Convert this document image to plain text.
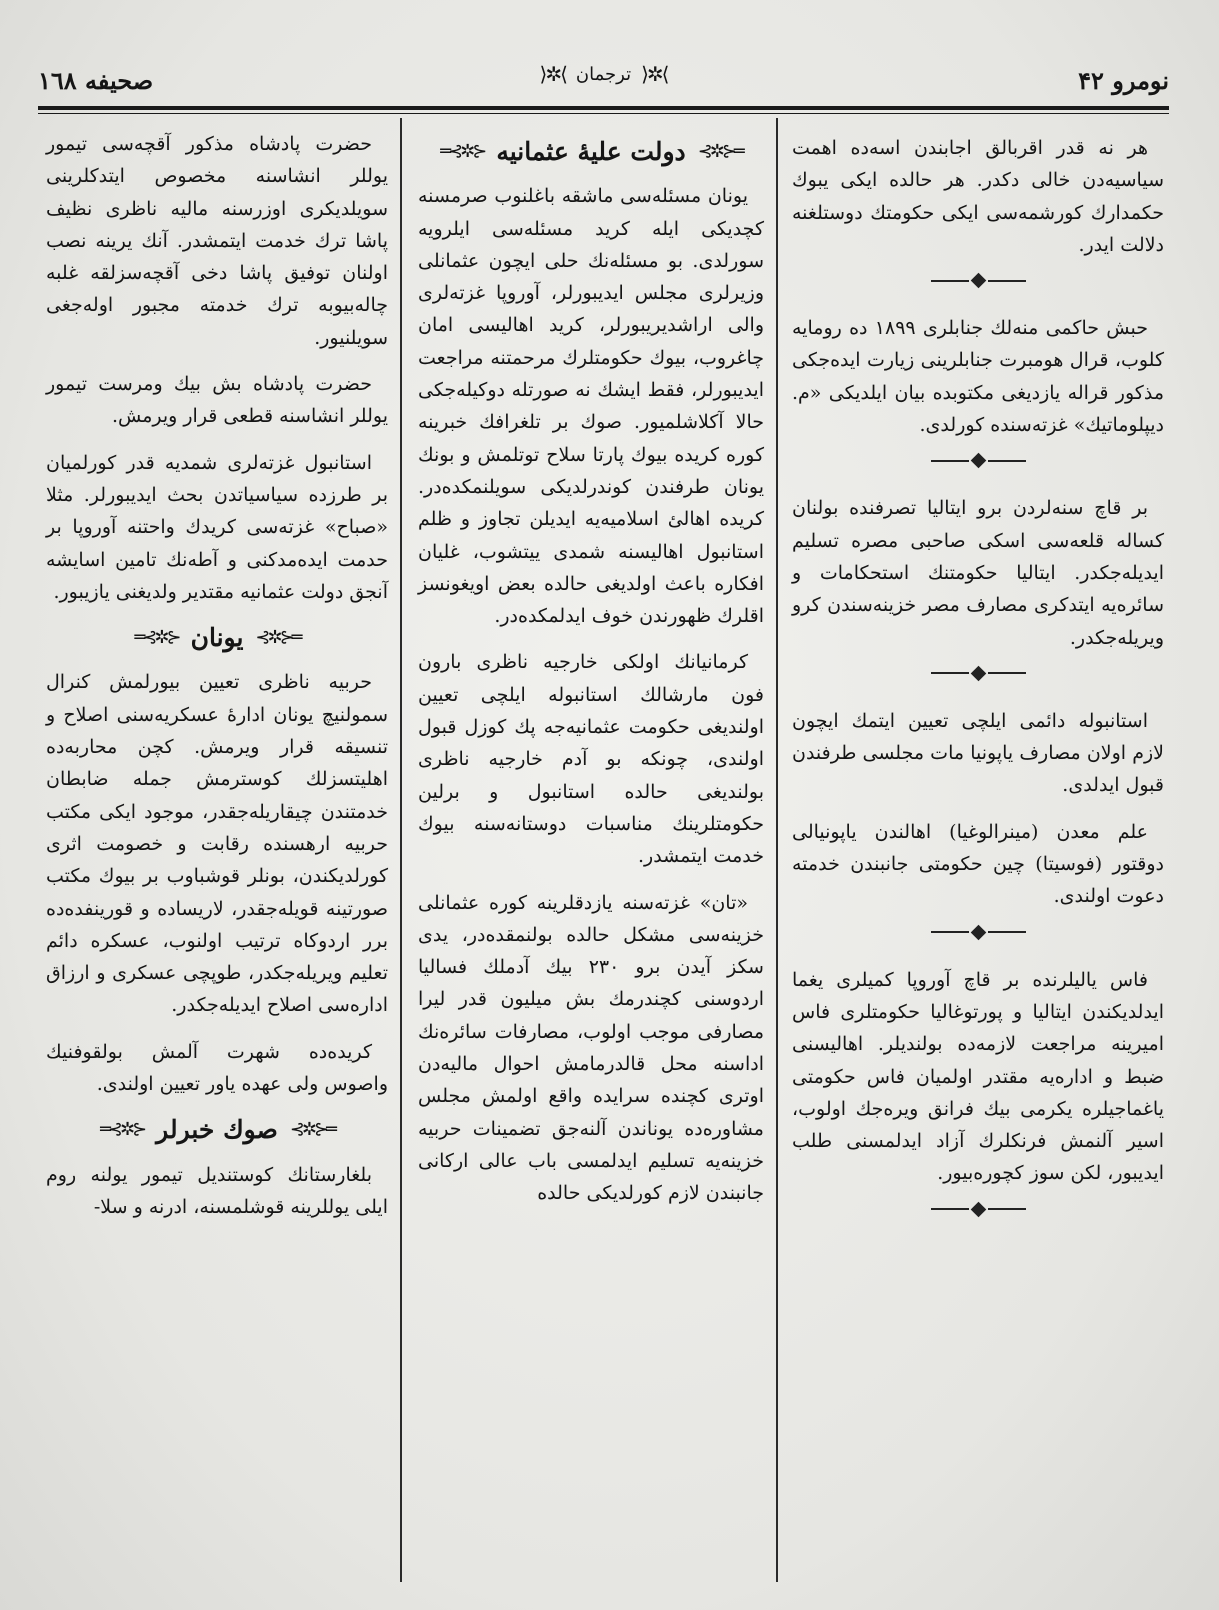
نومرو ۴۲
⟩✲⟨
ترجمان
⟩✲⟨
صحيفه ۱٦۸

هر نه قدر اقربالق اجابندن اسه‌ده اهمت سياسيه‌دن خالى دكدر. هر حالده ايكى يبوك حكمدارك كورشمه‌سى ايكى حكومتك دوستلغنه دلالت ايدر.

حبش حاكمى منه‌لك جنابلرى ۱۸۹۹ ده رومايه كلوب، قرال هومبرت جنابلرينى زيارت ايده‌جكى مذكور قراله يازديغى مكتوبده بيان ايلديكى «م. ديپلوماتيك» غزته‌سنده كورلدى.

بر قاچ سنه‌لردن برو ايتاليا تصرفنده بولنان كساله قلعه‌سى اسكى صاحبى مصره تسليم ايديله‌جكدر. ايتاليا حكومتنك استحكامات و سائره‌يه ايتدكرى مصارف مصر خزينه‌سندن كرو ويريله‌جكدر.

استانبوله دائمى ايلچى تعيين ايتمك ايچون لازم اولان مصارف ياپونيا مات مجلسى طرفندن قبول ايدلدى.

علم معدن (مينرالوغيا) اهالندن ياپونيالى دوقتور (فوسيتا) چين حكومتى جانبندن خدمته دعوت اولندى.

فاس ياليلرنده بر قاچ آوروپا كميلرى يغما ايدلديكندن ايتاليا و پورتوغاليا حكومتلرى فاس اميرينه مراجعت لازمه‌ده بولنديلر. اهاليسنى ضبط و اداره‌يه مقتدر اولميان فاس حكومتى ياغماجيلره يكرمى بيك فرانق ويره‌جك اولوب، اسير آلنمش فرنكلرك آزاد ايدلمسنى طلب ايديبور، لكن سوز كچوره‌بيور.

═⊰✲⊱
دولت عليهٔ عثمانيه
⊰✲⊱═

يونان مسئله‌سى ماشقه باغلنوب صرمسنه كچديكى ايله كريد مسئله‌سى ايلرويه سورلدى. بو مسئله‌نك حلى ايچون عثمانلى وزيرلرى مجلس ايديبورلر، آوروپا غزته‌لرى والى اراشديريبورلر، كريد اهاليسى امان چاغروب، بيوك حكومتلرك مرحمتنه مراجعت ايديبورلر، فقط ايشك نه صورتله دوكيله‌جكى حالا آكلاشلميور. صوك بر تلغرافك خبرينه كوره كريده بيوك پارتا سلاح توتلمش و بونك يونان طرفندن كوندرلديكى سويلنمكده‌در. كريده اهالئ اسلاميه‌يه ايديلن تجاوز و ظلم استانبول اهاليسنه شمدى ييتشوب، غليان افكاره باعث اولديغى حالده بعض اويغونسز اقلرك ظهورندن خوف ايدلمكده‌در.

كرمانيانك اولكى خارجيه ناظرى بارون فون مارشالك استانبوله ايلچى تعيين اولنديغى حكومت عثمانيه‌جه پك كوزل قبول اولندى، چونكه بو آدم خارجيه ناظرى بولنديغى حالده استانبول و برلين حكومتلرينك مناسبات دوستانه‌سنه بيوك خدمت ايتمشدر.

«تان» غزته‌سنه يازدقلرينه كوره عثمانلى خزينه‌سى مشكل حالده بولنمقده‌در، يدى سكز آيدن برو ۲۳۰ بيك آدملك فساليا اردوسنى كچندرمك بش ميليون قدر ليرا مصارفى موجب اولوب، مصارفات سائره‌نك اداسنه محل قالدرمامش احوال ماليه‌دن اوترى كچنده سرايده واقع اولمش مجلس مشاوره‌ده يوناندن آلنه‌جق تضمينات حربيه خزينه‌يه تسليم ايدلمسى باب عالى اركانى جانبندن لازم كورلديكى حالده

حضرت پادشاه مذكور آقچه‌سى تيمور يوللر انشاسنه مخصوص ايتدكلرينى سويلديكرى اوزرسنه ماليه ناظرى نظيف پاشا ترك خدمت ايتمشدر. آنك يرينه نصب اولنان توفيق پاشا دخى آقچه‌سزلقه غلبه چاله‌بيوبه ترك خدمته مجبور اوله‌جغى سويلنيور.

حضرت پادشاه بش بيك ومرست تيمور يوللر انشاسنه قطعى قرار ويرمش.

استانبول غزته‌لرى شمديه قدر كورلميان بر طرزده سياسياتدن بحث ايديبورلر. مثلا «صباح» غزته‌سى كريدك واحتنه آوروپا بر حدمت ايده‌مدكنى و آطه‌نك تامين اسايشه آنجق دولت عثمانيه مقتدير ولديغنى يازيبور.

═⊰✲⊱
يونان
⊰✲⊱═

حربيه ناظرى تعيين بيورلمش كنرال سمولنيچ يونان ادارهٔ عسكريه‌سنى اصلاح و تنسيقه قرار ويرمش. كچن محاربه‌ده اهليتسزلك كوسترمش جمله ضابطان خدمتندن چيقاريله‌جقدر، موجود ايكى مكتب حربيه ارهسنده رقابت و خصومت اثرى كورلديكندن، بونلر قوشباوب بر بيوك مكتب صورتينه قويله‌جقدر، لاريساده و قورينفده‌ده برر اردوكاه ترتيب اولنوب، عسكره دائم تعليم ويريله‌جكدر، طوپچى عسكرى و ارزاق اداره‌سى اصلاح ايديله‌جكدر.

كريده‌ده شهرت آلمش بولقوفنيك واصوس ولى عهده ياور تعيين اولندى.

═⊰✲⊱
صوك خبرلر
⊰✲⊱═

بلغارستانك كوستنديل تيمور يولنه روم ايلى يوللرينه قوشلمسنه، ادرنه و سلا-
